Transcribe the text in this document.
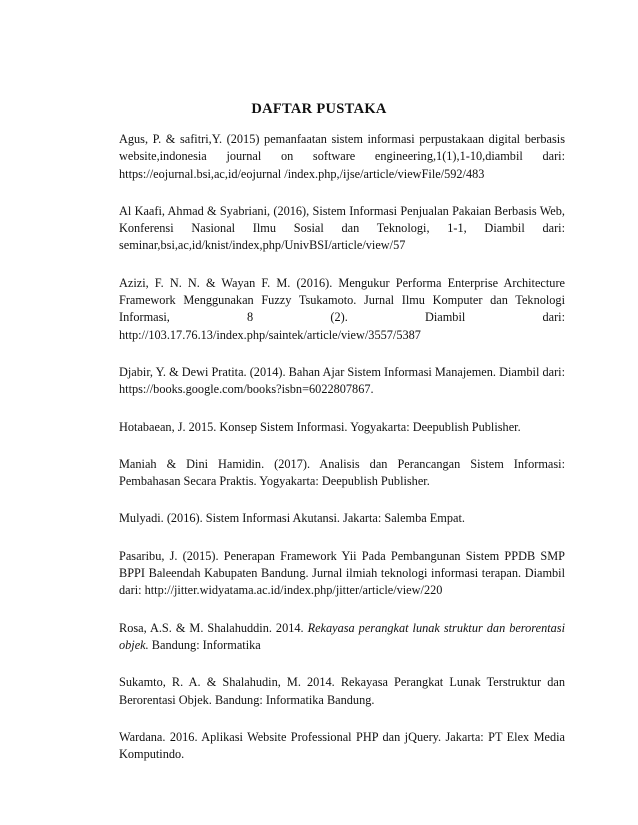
DAFTAR PUSTAKA

Agus, P. & safitri,Y. (2015) pemanfaatan sistem informasi perpustakaan digital berbasis website,indonesia journal on software engineering,1(1),1-10,diambil dari: https://eojurnal.bsi,ac,id/eojurnal /index.php,/ijse/article/viewFile/592/483

Al Kaafi, Ahmad & Syabriani, (2016), Sistem Informasi Penjualan Pakaian Berbasis Web, Konferensi Nasional Ilmu Sosial dan Teknologi, 1-1, Diambil dari: seminar,bsi,ac,id/knist/index,php/UnivBSI/article/view/57

Azizi, F. N. N. & Wayan F. M. (2016). Mengukur Performa Enterprise Architecture Framework Menggunakan Fuzzy Tsukamoto. Jurnal Ilmu Komputer dan Teknologi Informasi, 8 (2). Diambil dari: http://103.17.76.13/index.php/saintek/article/view/3557/5387

Djabir, Y. & Dewi Pratita. (2014). Bahan Ajar Sistem Informasi Manajemen. Diambil dari: https://books.google.com/books?isbn=6022807867.

Hotabaean, J. 2015. Konsep Sistem Informasi. Yogyakarta: Deepublish Publisher.

Maniah & Dini Hamidin. (2017). Analisis dan Perancangan Sistem Informasi: Pembahasan Secara Praktis. Yogyakarta: Deepublish Publisher.

Mulyadi. (2016). Sistem Informasi Akutansi. Jakarta: Salemba Empat.

Pasaribu, J. (2015). Penerapan Framework Yii Pada Pembangunan Sistem PPDB SMP BPPI Baleendah Kabupaten Bandung. Jurnal ilmiah teknologi informasi terapan. Diambil dari: http://jitter.widyatama.ac.id/index.php/jitter/article/view/220

Rosa, A.S. & M. Shalahuddin. 2014. Rekayasa perangkat lunak struktur dan berorentasi objek. Bandung: Informatika

Sukamto, R. A. & Shalahudin, M. 2014. Rekayasa Perangkat Lunak Terstruktur dan Berorentasi Objek. Bandung: Informatika Bandung.

Wardana. 2016. Aplikasi Website Professional PHP dan jQuery. Jakarta: PT Elex Media Komputindo.
